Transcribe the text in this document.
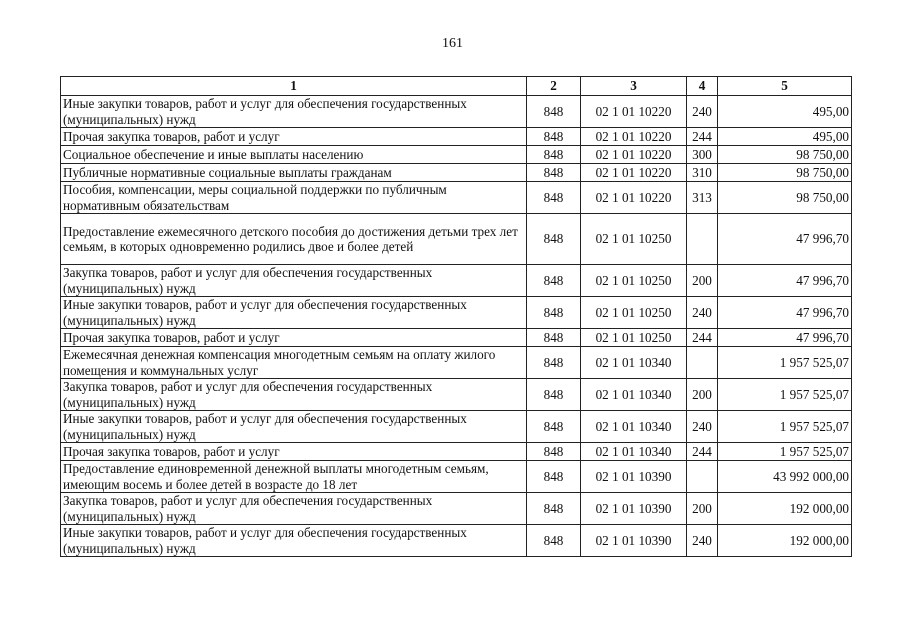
161
1	2	3	4	5
Иные закупки товаров, работ и услуг для обеспечения государственных (муниципальных) нужд	848	02 1 01 10220	240	495,00
Прочая закупка товаров, работ и услуг	848	02 1 01 10220	244	495,00
Социальное обеспечение и иные выплаты населению	848	02 1 01 10220	300	98 750,00
Публичные нормативные социальные выплаты гражданам	848	02 1 01 10220	310	98 750,00
Пособия, компенсации, меры социальной поддержки по публичным нормативным обязательствам	848	02 1 01 10220	313	98 750,00
Предоставление ежемесячного детского пособия до достижения детьми трех лет семьям, в которых одновременно родились двое и более детей	848	02 1 01 10250		47 996,70
Закупка товаров, работ и услуг для обеспечения государственных (муниципальных) нужд	848	02 1 01 10250	200	47 996,70
Иные закупки товаров, работ и услуг для обеспечения государственных (муниципальных) нужд	848	02 1 01 10250	240	47 996,70
Прочая закупка товаров, работ и услуг	848	02 1 01 10250	244	47 996,70
Ежемесячная денежная компенсация многодетным семьям на оплату жилого помещения и коммунальных услуг	848	02 1 01 10340		1 957 525,07
Закупка товаров, работ и услуг для обеспечения государственных (муниципальных) нужд	848	02 1 01 10340	200	1 957 525,07
Иные закупки товаров, работ и услуг для обеспечения государственных (муниципальных) нужд	848	02 1 01 10340	240	1 957 525,07
Прочая закупка товаров, работ и услуг	848	02 1 01 10340	244	1 957 525,07
Предоставление единовременной денежной выплаты многодетным семьям, имеющим восемь и более детей в возрасте до 18 лет	848	02 1 01 10390		43 992 000,00
Закупка товаров, работ и услуг для обеспечения государственных (муниципальных) нужд	848	02 1 01 10390	200	192 000,00
Иные закупки товаров, работ и услуг для обеспечения государственных (муниципальных) нужд	848	02 1 01 10390	240	192 000,00
